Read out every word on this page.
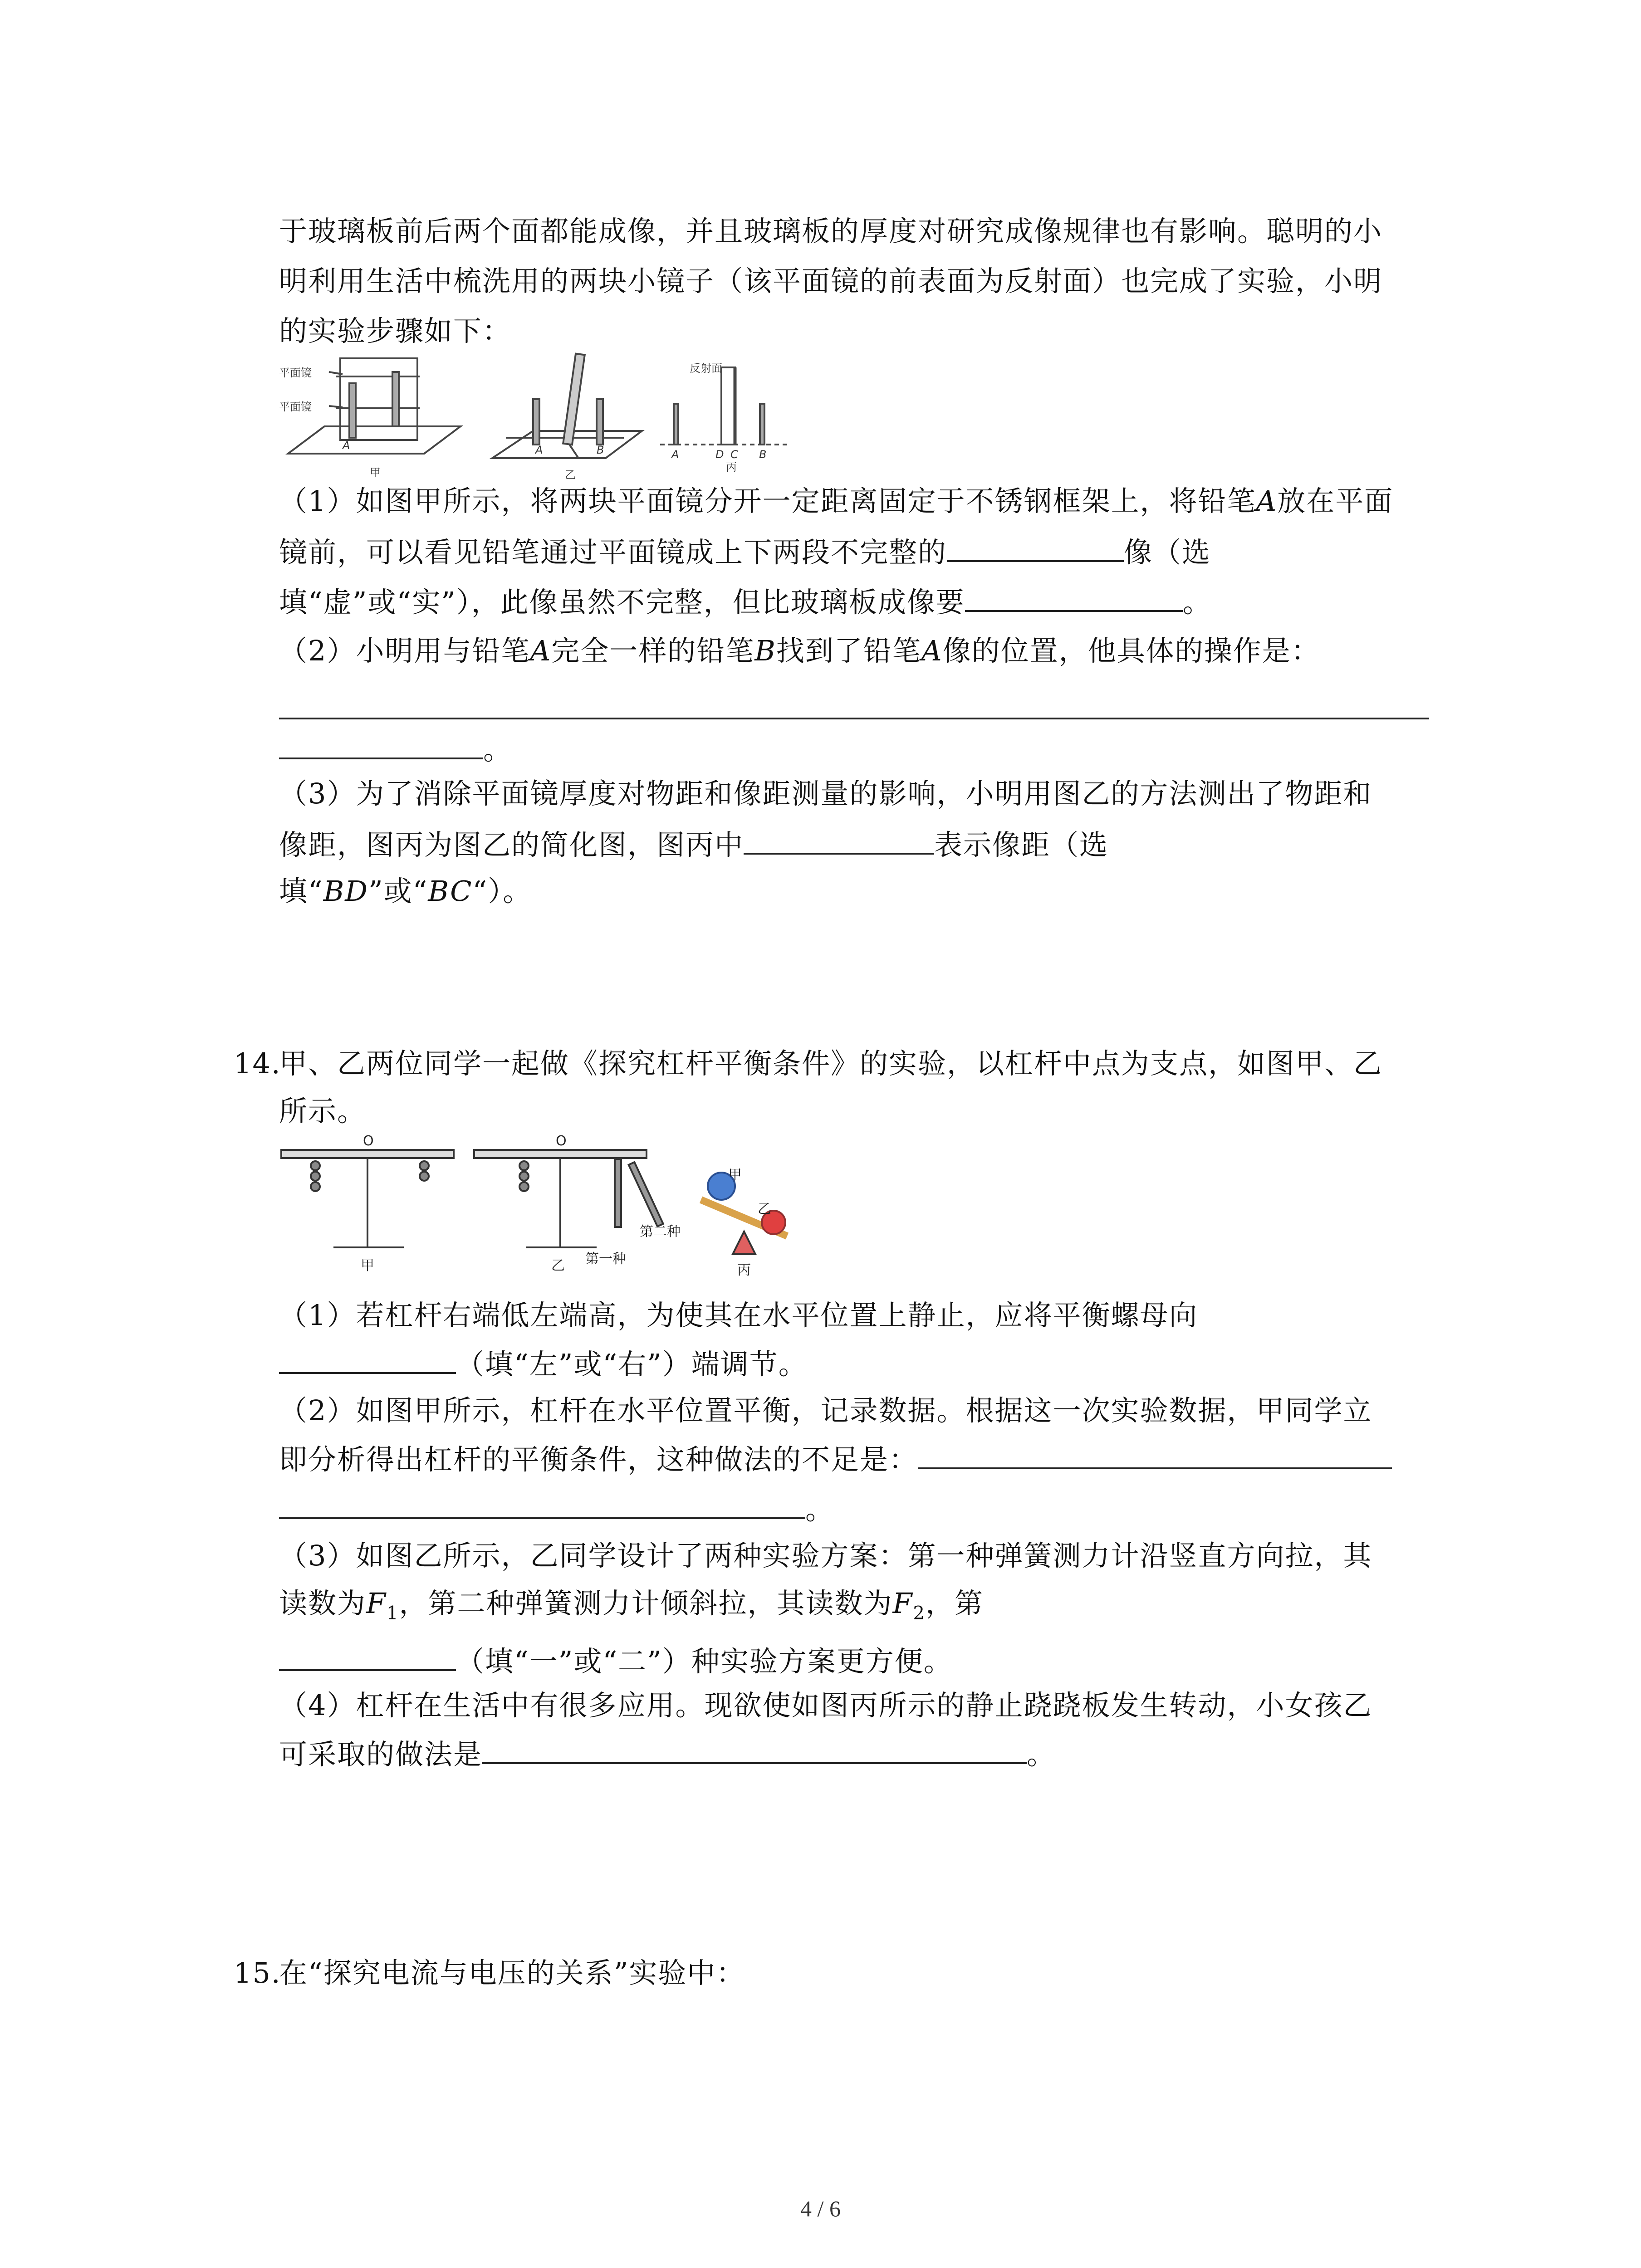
于玻璃板前后两个面都能成像，并且玻璃板的厚度对研究成像规律也有影响。聪明的小
明利用生活中梳洗用的两块小镜子（该平面镜的前表面为反射面）也完成了实验，小明
的实验步骤如下：
平面镜
平面镜
A
甲
A	B
乙
反射面
A	D C B
丙
（1）如图甲所示，将两块平面镜分开一定距离固定于不锈钢框架上，将铅笔A放在平面
镜前，可以看见铅笔通过平面镜成上下两段不完整的	像（选
填“虚”或“实”），此像虽然不完整，但比玻璃板成像要	。
（2）小明用与铅笔A完全一样的铅笔B找到了铅笔A像的位置，他具体的操作是：
。
（3）为了消除平面镜厚度对物距和像距测量的影响，小明用图乙的方法测出了物距和
像距，图丙为图乙的简化图，图丙中	表示像距（选
填“BD”或“BC“）。
14.
甲、乙两位同学一起做《探究杠杆平衡条件》的实验，以杠杆中点为支点，如图甲、乙
所示。
O	O
甲	乙
第二种
第一种
甲
乙
丙
（1）若杠杆右端低左端高，为使其在水平位置上静止，应将平衡螺母向
（填“左”或“右”）端调节。
（2）如图甲所示，杠杆在水平位置平衡，记录数据。根据这一次实验数据，甲同学立
即分析得出杠杆的平衡条件，这种做法的不足是：
。
（3）如图乙所示，乙同学设计了两种实验方案：第一种弹簧测力计沿竖直方向拉，其
读数为$F_1$，第二种弹簧测力计倾斜拉，其读数为$F_2$，第
（填“一”或“二”）种实验方案更方便。
（4）杠杆在生活中有很多应用。现欲使如图丙所示的静止跷跷板发生转动，小女孩乙
可采取的做法是	。
15.
在“探究电流与电压的关系”实验中：
4 / 6
